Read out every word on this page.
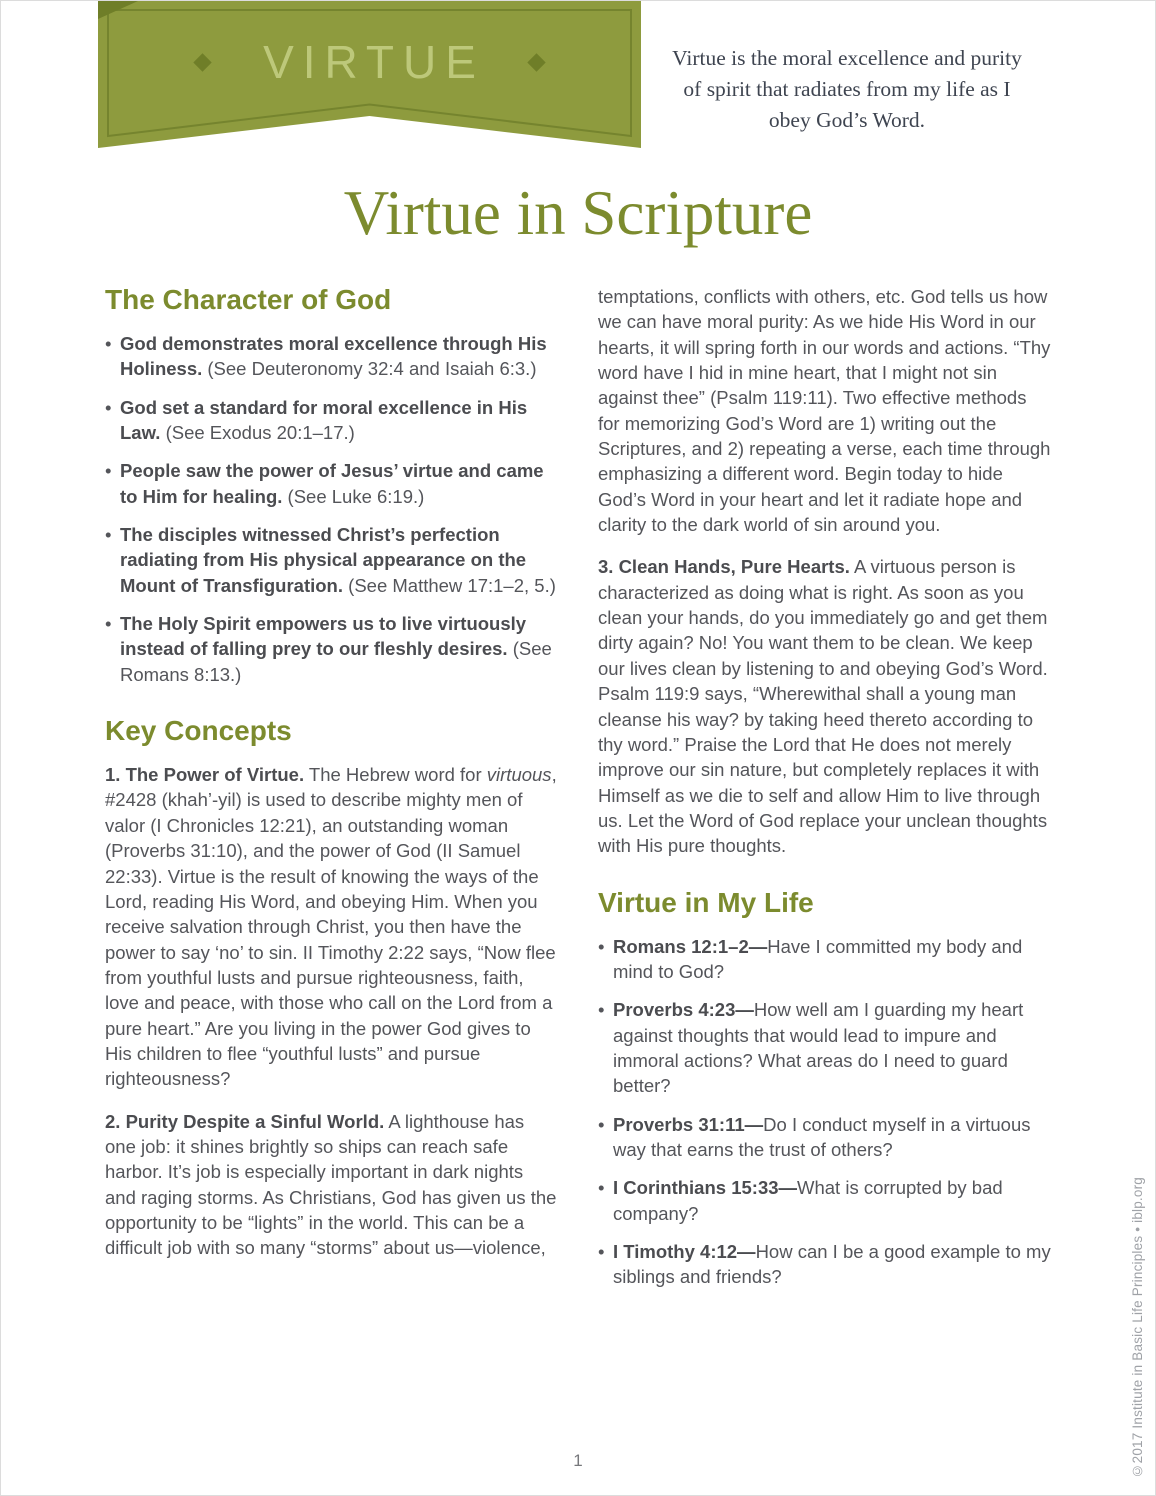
VIRTUE	Virtue is the moral excellence and purity of spirit that radiates from my life as I obey God’s Word.

Virtue in Scripture
The Character of God
• God demonstrates moral excellence through His Holiness. (See Deuteronomy 32:4 and Isaiah 6:3.)

• God set a standard for moral excellence in His Law. (See Exodus 20:1–17.)

• People saw the power of Jesus’ virtue and came to Him for healing. (See Luke 6:19.)

• The disciples witnessed Christ’s perfection radiating from His physical appearance on the Mount of Transfiguration. (See Matthew 17:1–2, 5.)

• The Holy Spirit empowers us to live virtuously instead of falling prey to our fleshly desires. (See Romans 8:13.)

Key Concepts

1. The Power of Virtue. The Hebrew word for virtuous, #2428 (khah’-yil) is used to describe mighty men of valor (I Chronicles 12:21), an outstanding woman (Proverbs 31:10), and the power of God (II Samuel 22:33). Virtue is the result of knowing the ways of the Lord, reading His Word, and obeying Him. When you receive salvation through Christ, you then have the power to say ‘no’ to sin. II Timothy 2:22 says, “Now flee from youthful lusts and pursue righteousness, faith, love and peace, with those who call on the Lord from a pure heart.” Are you living in the power God gives to His children to flee “youthful lusts” and pursue righteousness?

2. Purity Despite a Sinful World. A lighthouse has one job: it shines brightly so ships can reach safe harbor. It’s job is especially important in dark nights and raging storms. As Christians, God has given us the opportunity to be “lights” in the world. This can be a difficult job with so many “storms” about us—violence,

temptations, conflicts with others, etc. God tells us how we can have moral purity: As we hide His Word in our hearts, it will spring forth in our words and actions. “Thy word have I hid in mine heart, that I might not sin against thee” (Psalm 119:11). Two effective methods for memorizing God’s Word are 1) writing out the Scriptures, and 2) repeating a verse, each time through emphasizing a different word. Begin today to hide God’s Word in your heart and let it radiate hope and clarity to the dark world of sin around you.

3. Clean Hands, Pure Hearts. A virtuous person is characterized as doing what is right. As soon as you clean your hands, do you immediately go and get them dirty again? No! You want them to be clean. We keep our lives clean by listening to and obeying God’s Word. Psalm 119:9 says, “Wherewithal shall a young man cleanse his way? by taking heed thereto according to thy word.” Praise the Lord that He does not merely improve our sin nature, but completely replaces it with Himself as we die to self and allow Him to live through us. Let the Word of God replace your unclean thoughts with His pure thoughts.

Virtue in My Life
• Romans 12:1–2—Have I committed my body and mind to God?

• Proverbs 4:23—How well am I guarding my heart against thoughts that would lead to impure and immoral actions? What areas do I need to guard better?

• Proverbs 31:11—Do I conduct myself in a virtuous way that earns the trust of others?

• I Corinthians 15:33—What is corrupted by bad company?

• I Timothy 4:12—How can I be a good example to my siblings and friends?

1	©2017 Institute in Basic Life Principles • iblp.org
